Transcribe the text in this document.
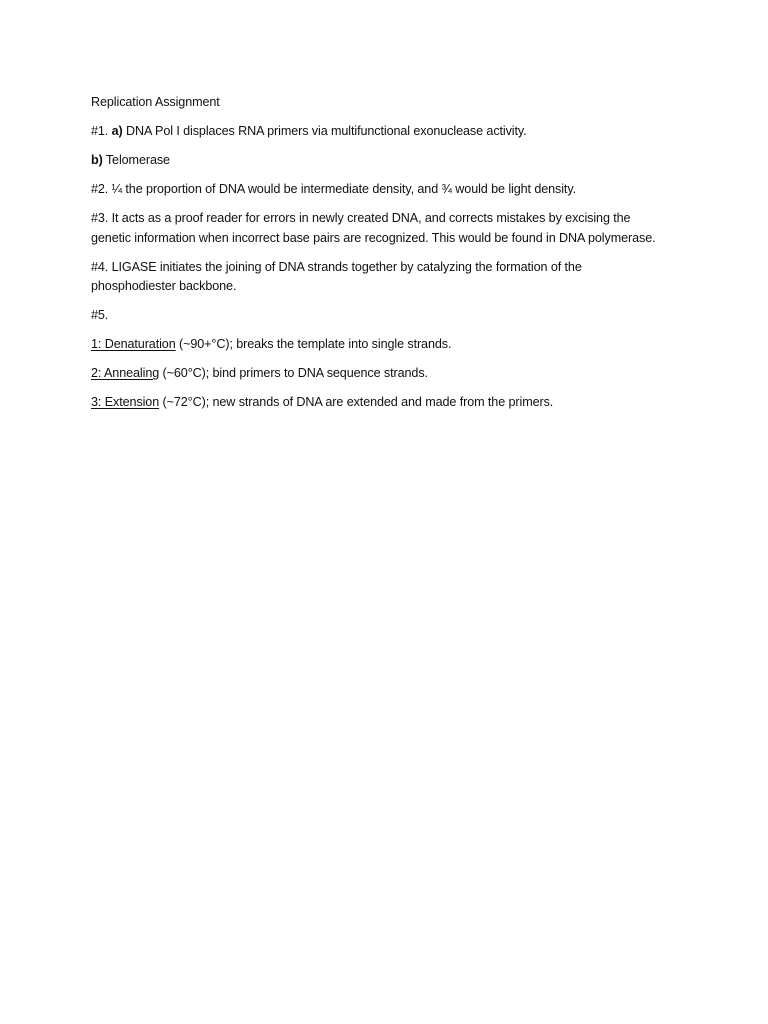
Replication Assignment

#1. a) DNA Pol I displaces RNA primers via multifunctional exonuclease activity.

b) Telomerase

#2. ¼ the proportion of DNA would be intermediate density, and ¾ would be light density.

#3. It acts as a proof reader for errors in newly created DNA, and corrects mistakes by excising the

genetic information when incorrect base pairs are recognized. This would be found in DNA polymerase.

#4. LIGASE initiates the joining of DNA strands together by catalyzing the formation of the

phosphodiester backbone.

#5.

1: Denaturation (~90+°C); breaks the template into single strands.

2: Annealing (~60°C); bind primers to DNA sequence strands.

3: Extension (~72°C); new strands of DNA are extended and made from the primers.
